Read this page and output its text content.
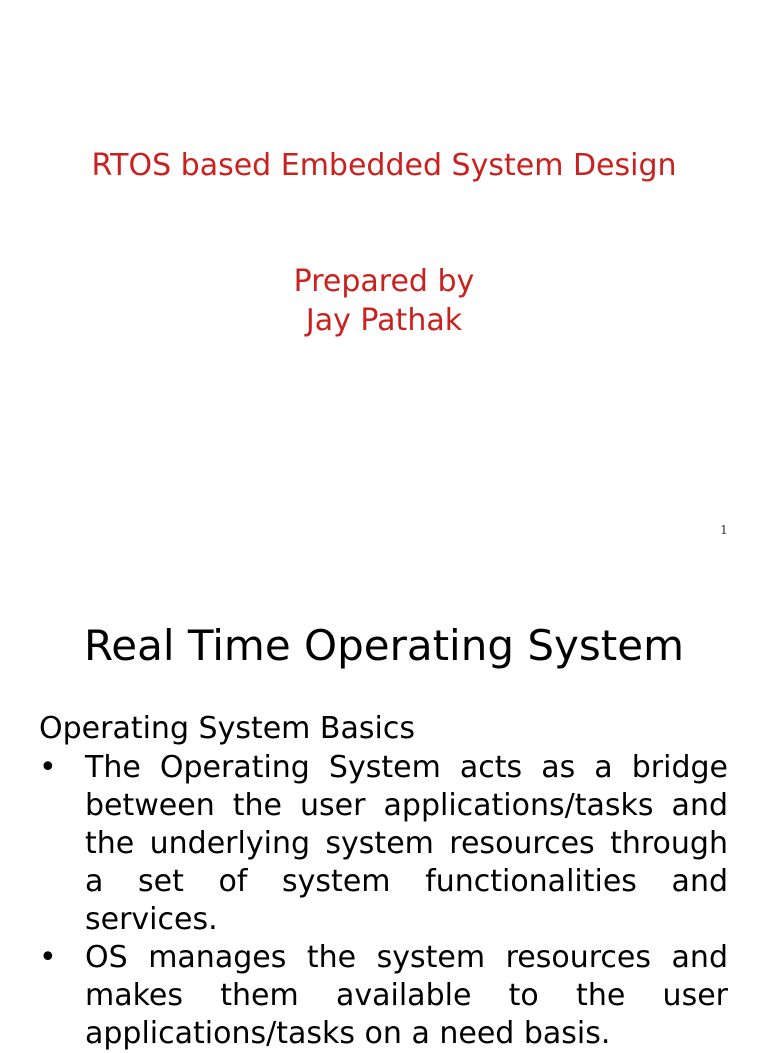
RTOS based Embedded System Design
Prepared by
Jay Pathak
1
Real Time Operating System
Operating System Basics
• The Operating System acts as a bridge between the user applications/tasks and the underlying system resources through a set of system functionalities and services.
• OS manages the system resources and makes them available to the user applications/tasks on a need basis.
